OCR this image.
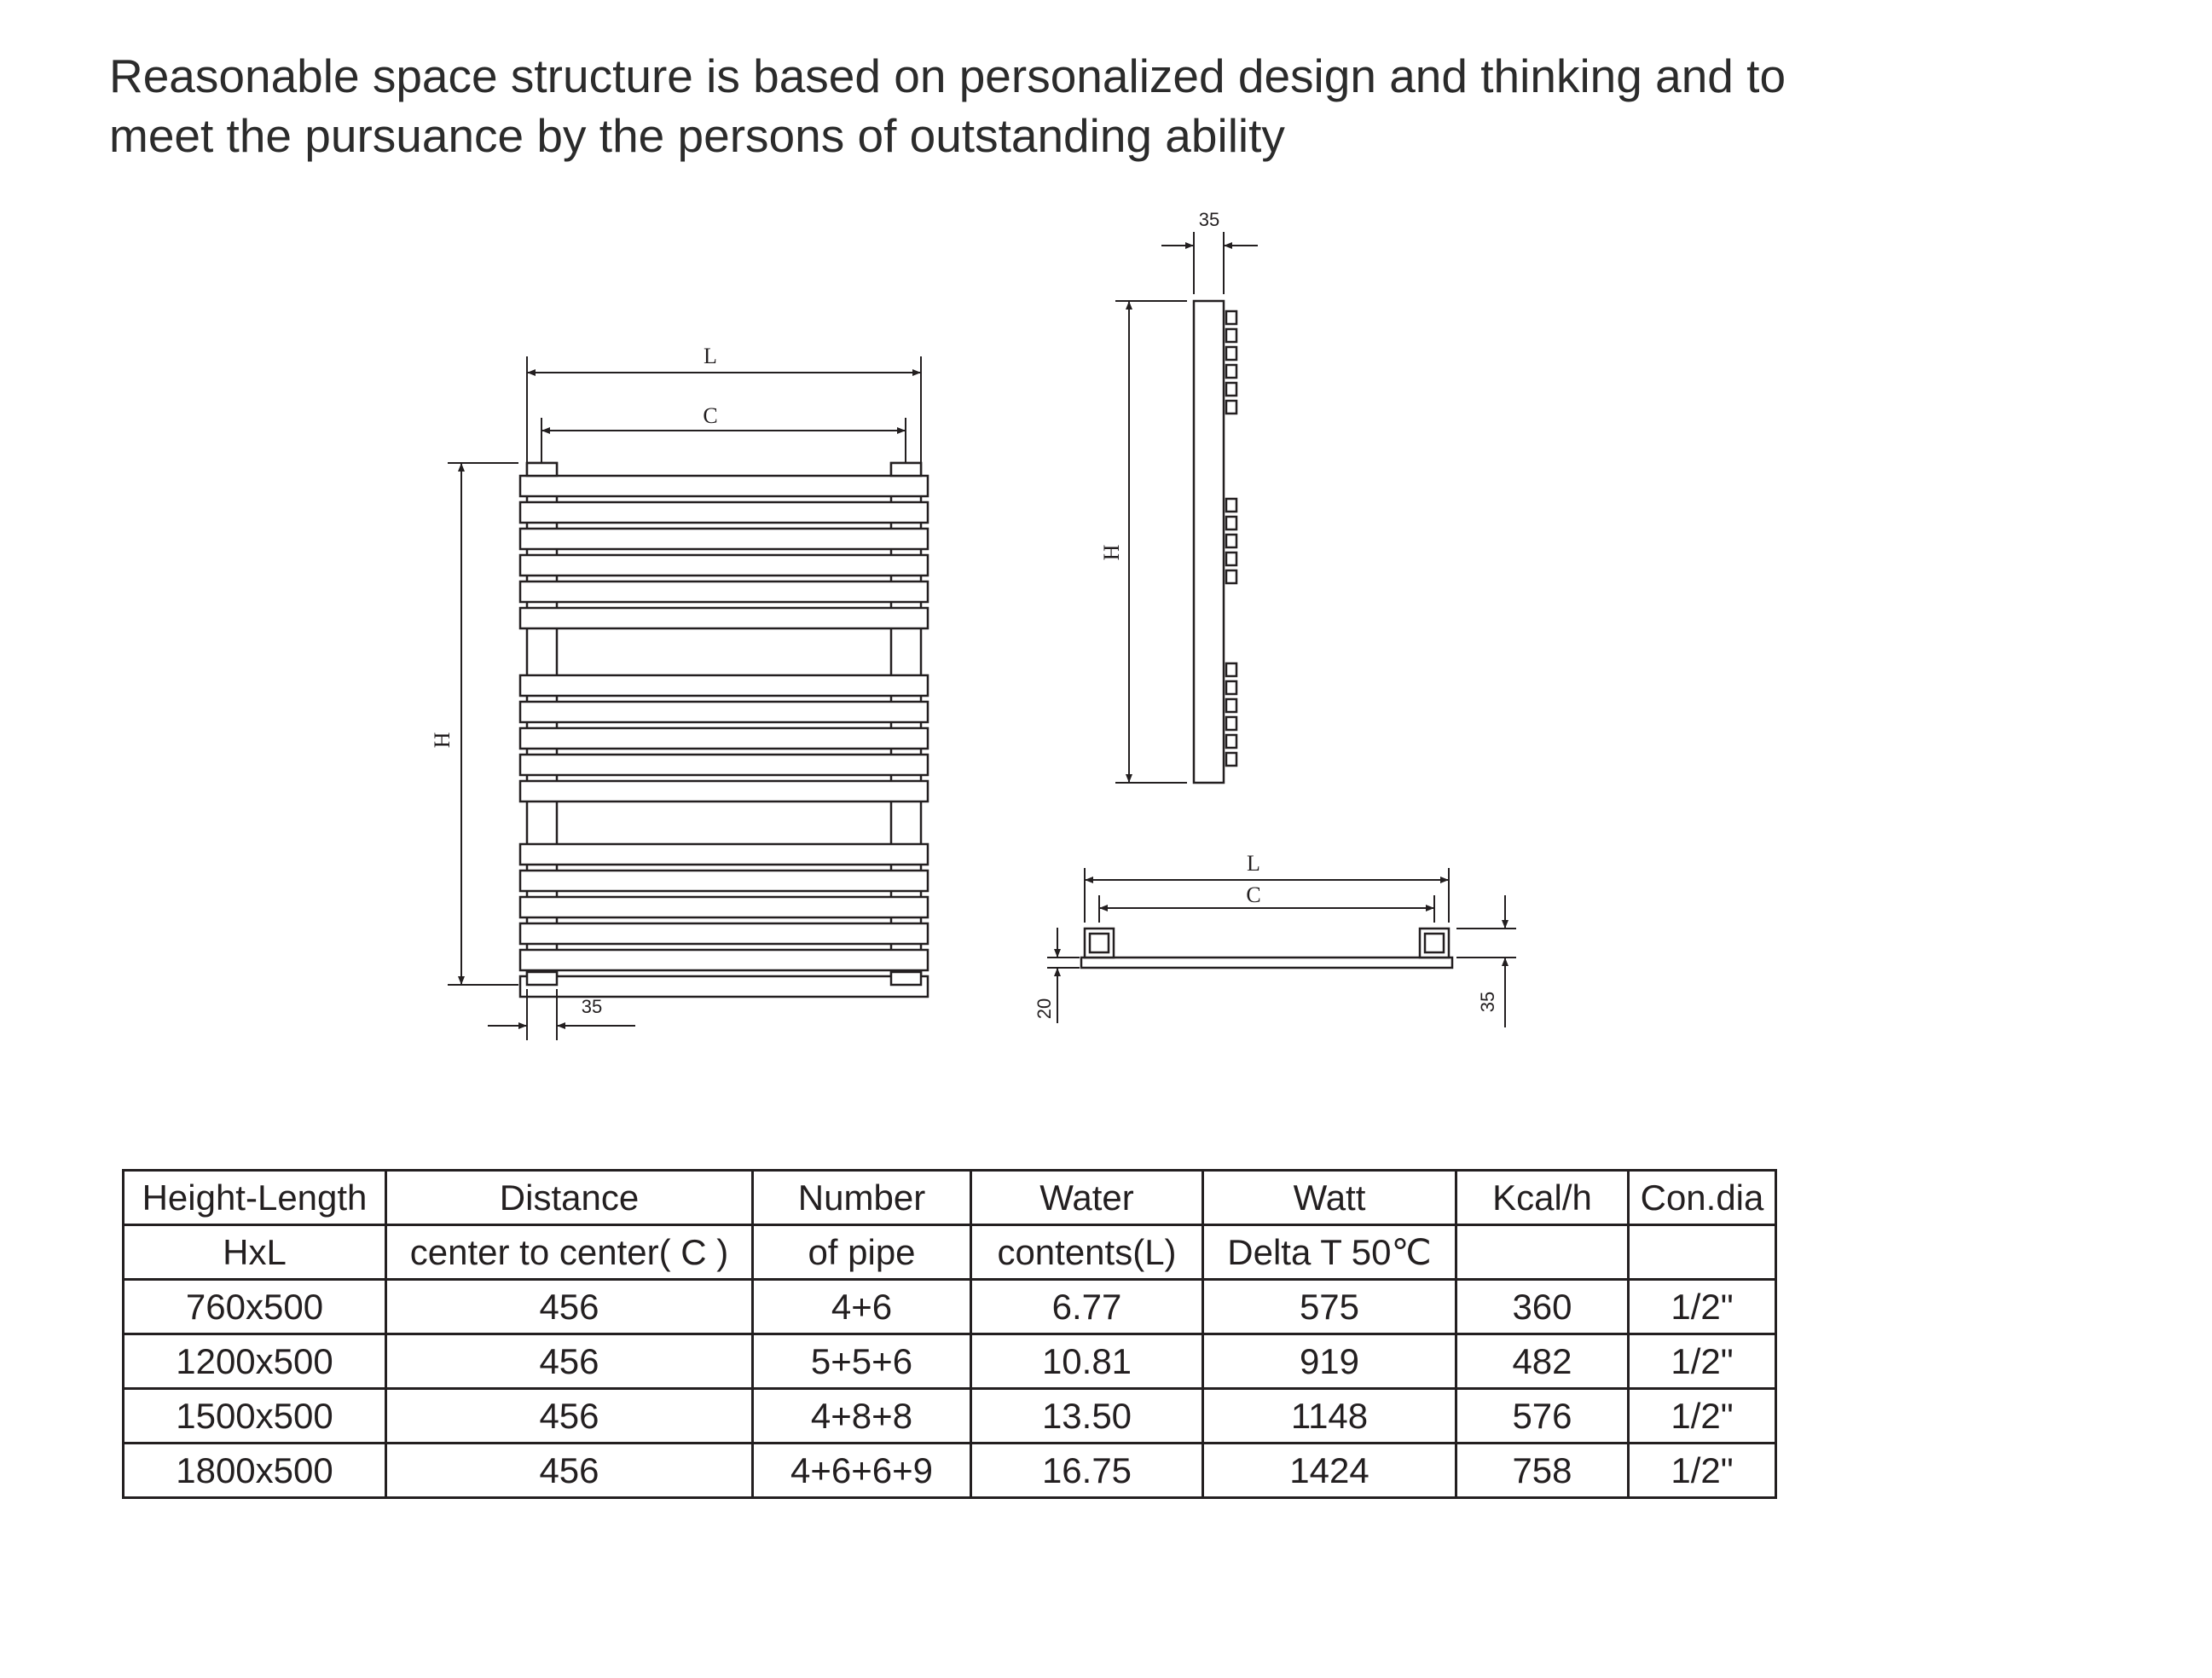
Reasonable space structure is based on personalized design and thinking and to
meet the pursuance by the persons of outstanding ability
L
C
H
35
35
H
L
C
20	35
Height-Length	Distance	Number	Water	Watt	Kcal/h	Con.dia
HxL	center to center( C )	of pipe	contents(L)	Delta T 50℃		
760x500	456	4+6	6.77	575	360	1/2"
1200x500	456	5+5+6	10.81	919	482	1/2"
1500x500	456	4+8+8	13.50	1148	576	1/2"
1800x500	456	4+6+6+9	16.75	1424	758	1/2"
